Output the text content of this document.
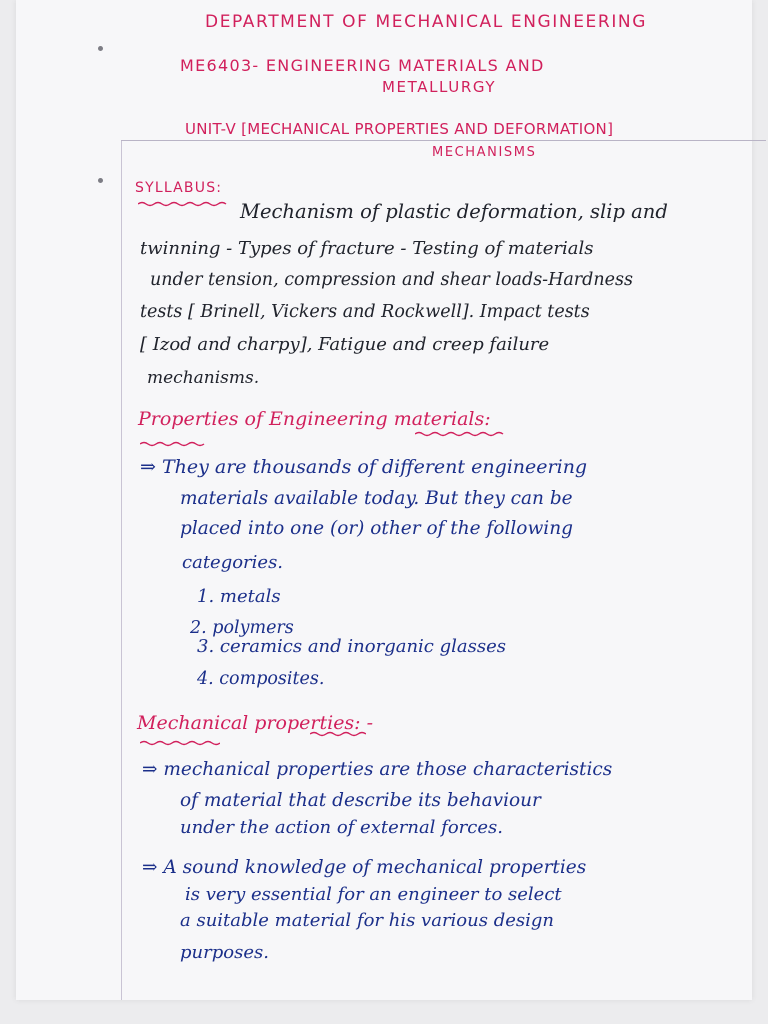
DEPARTMENT OF MECHANICAL ENGINEERING

ME6403- ENGINEERING MATERIALS AND

METALLURGY

UNIT-V [MECHANICAL PROPERTIES AND DEFORMATION]

MECHANISMS

SYLLABUS:

Mechanism of plastic deformation, slip and

twinning - Types of fracture - Testing of materials

under tension, compression and shear loads-Hardness

tests [ Brinell, Vickers and Rockwell]. Impact tests

[ Izod and charpy], Fatigue and creep failure

mechanisms.

Properties of Engineering materials:

⇒ They are thousands of different engineering

materials available today. But they can be

placed into one (or) other of the following

categories.

1. metals

2. polymers

3. ceramics and inorganic glasses

4. composites.

Mechanical properties: -

⇒ mechanical properties are those characteristics

of material that describe its behaviour

under the action of external forces.

⇒ A sound knowledge of mechanical properties

is very essential for an engineer to select

a suitable material for his various design

purposes.
